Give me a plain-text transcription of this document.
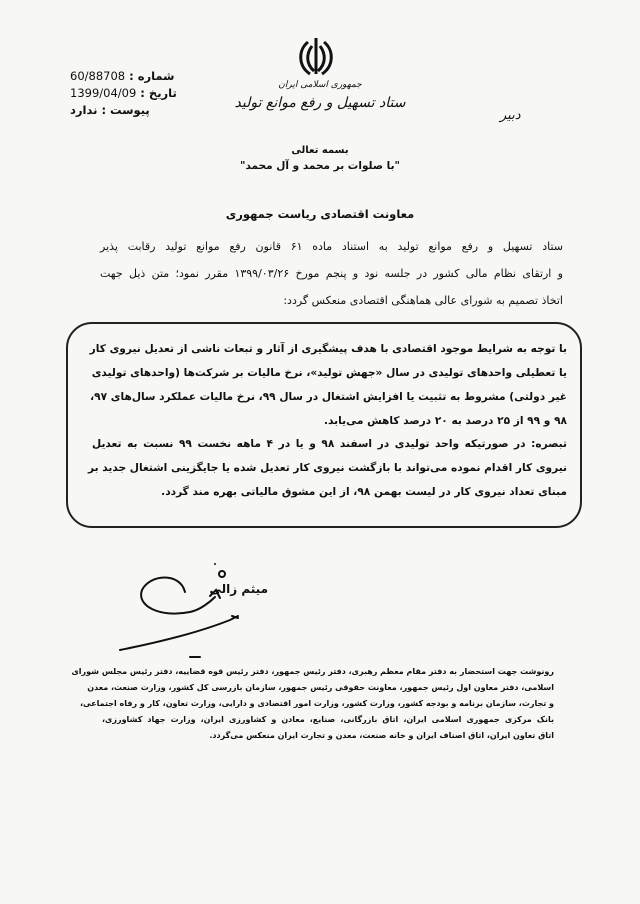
شماره :
60/88708
تاریخ :
1399/04/09
پیوست :
ندارد
جمهوری اسلامی ایران
ستاد تسهیل و رفع موانع تولید
دبیر
بسمه تعالی
"با صلوات بر محمد و آل محمد"
معاونت اقتصادی ریاست جمهوری
ستاد تسهیل و رفع موانع تولید به استناد ماده ۶۱ قانون رفع موانع تولید رقابت پذیر
و ارتقای نظام مالی کشور در جلسه نود و پنجم مورخ ۱۳۹۹/۰۳/۲۶ مقرر نمود؛ متن ذیل جهت
اتخاذ تصمیم به شورای عالی هماهنگی اقتصادی منعکس گردد:
با توجه به شرایط موجود اقتصادی با هدف پیشگیری از آثار و تبعات ناشی از تعدیل نیروی کار
یا تعطیلی واحدهای تولیدی در سال «جهش تولید»، نرخ مالیات بر شرکت‌ها (واحدهای تولیدی
غیر دولتی) مشروط به تثبیت یا افزایش اشتغال در سال ۹۹، نرخ مالیات عملکرد سال‌های ۹۷،
۹۸ و ۹۹ از ۲۵ درصد به ۲۰ درصد کاهش می‌یابد.
تبصره: در صورتیکه واحد تولیدی در اسفند ۹۸ و یا در ۴ ماهه نخست ۹۹ نسبت به تعدیل
نیروی کار اقدام نموده می‌تواند با بازگشت نیروی کار تعدیل شده یا جایگزینی اشتغال جدید بر
مبنای تعداد نیروی کار در لیست بهمن ۹۸، از این مشوق مالیاتی بهره مند گردد.
میثم زالی
رونوشت جهت استحضار به دفتر مقام معظم رهبری، دفتر رئیس جمهور، دفتر رئیس قوه قضاییه، دفتر رئیس مجلس شورای
اسلامی، دفتر معاون اول رئیس جمهور، معاونت حقوقی رئیس جمهور، سازمان بازرسی کل کشور، وزارت صنعت، معدن
و تجارت، سازمان برنامه و بودجه کشور، وزارت کشور، وزارت امور اقتصادی و دارایی، وزارت تعاون، کار و رفاه اجتماعی،
بانک مرکزی جمهوری اسلامی ایران، اتاق بازرگانی، صنایع، معادن و کشاورزی ایران، وزارت جهاد کشاورزی،
اتاق تعاون ایران، اتاق اصناف ایران و خانه صنعت، معدن و تجارت ایران منعکس می‌گردد.
